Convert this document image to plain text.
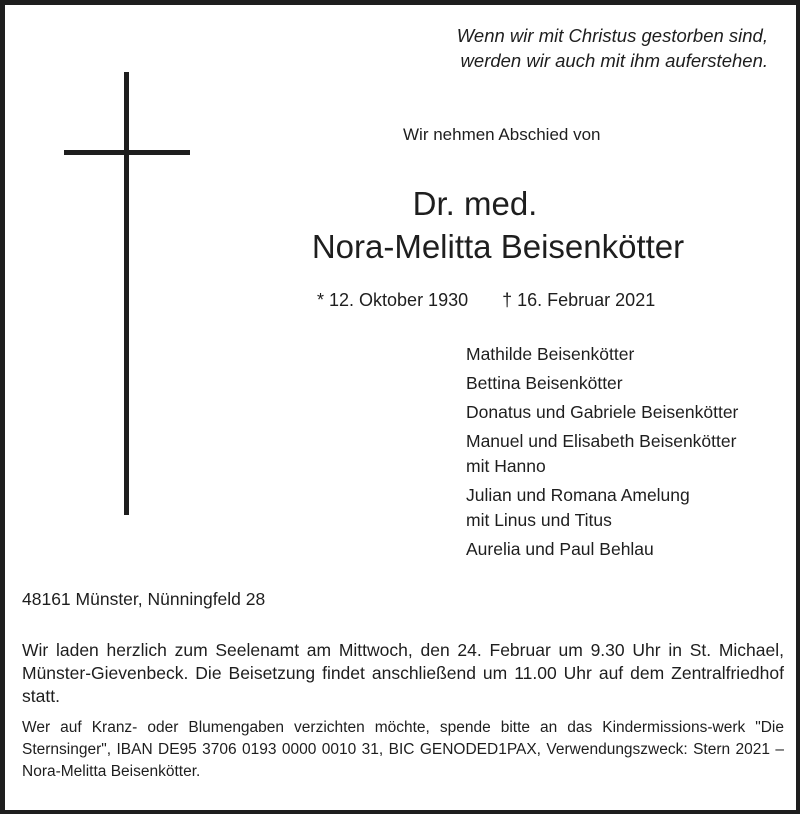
Wenn wir mit Christus gestorben sind,
werden wir auch mit ihm auferstehen.
Wir nehmen Abschied von
Dr. med.
Nora-Melitta Beisenkötter
* 12. Oktober 1930 † 16. Februar 2021
Mathilde Beisenkötter
Bettina Beisenkötter
Donatus und Gabriele Beisenkötter
Manuel und Elisabeth Beisenkötter
mit Hanno
Julian und Romana Amelung
mit Linus und Titus
Aurelia und Paul Behlau
48161 Münster, Nünningfeld 28
Wir laden herzlich zum Seelenamt am Mittwoch, den 24. Februar um 9.30 Uhr in St. Michael, Münster-Gievenbeck. Die Beisetzung findet anschließend um 11.00 Uhr auf dem Zentralfriedhof statt.
Wer auf Kranz- oder Blumengaben verzichten möchte, spende bitte an das Kindermissions-werk "Die Sternsinger", IBAN DE95 3706 0193 0000 0010 31, BIC GENODED1PAX, Verwendungszweck: Stern 2021 – Nora-Melitta Beisenkötter.
